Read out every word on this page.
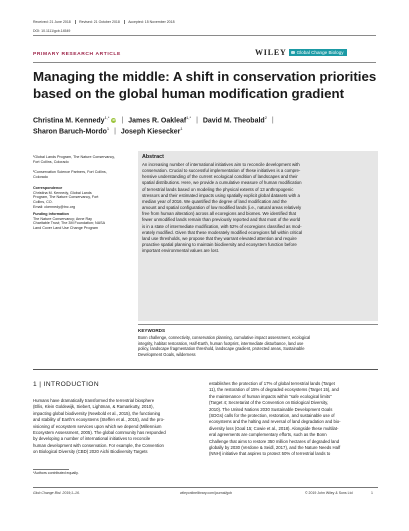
Received: 21 June 2018 Revised: 21 October 2018 Accepted: 15 November 2018
DOI: 10.1111/gcb.14549
PRIMARY RESEARCH ARTICLE	WILEY	Global Change Biology
Managing the middle: A shift in conservation priorities based on the global human modification gradient
Christina M. Kennedy$^{1,*}$iD | James R. Oakleaf$^{1,*}$ | David M. Theobald$^2$ |
Sharon Baruch-Mordo$^1$ | Joseph Kiesecker$^1$
¹Global Lands Program, The Nature Conservancy, Fort Collins, Colorado
²Conservation Science Partners, Fort Collins, Colorado
Correspondence
Christina M. Kennedy, Global Lands
Program, The Nature Conservancy, Fort
Collins, CO.
Email: ckennedy@tnc.org
Funding information
The Nature Conservancy; Anne Ray
Charitable Trust; The 3M Foundation; NASA
Land Cover Land Use Change Program
Abstract
An increasing number of international initiatives aim to reconcile development with
conservation. Crucial to successful implementation of these initiatives is a compre-
hensive understanding of the current ecological condition of landscapes and their
spatial distributions. Here, we provide a cumulative measure of human modification
of terrestrial lands based on modeling the physical extents of 13 anthropogenic
stressors and their estimated impacts using spatially explicit global datasets with a
median year of 2016. We quantified the degree of land modification and the
amount and spatial configuration of low modified lands (i.e., natural areas relatively
free from human alteration) across all ecoregions and biomes. We identified that
fewer unmodified lands remain than previously reported and that most of the world
is in a state of intermediate modification, with 52% of ecoregions classified as mod-
erately modified. Given that these moderately modified ecoregions fall within critical
land use thresholds, we propose that they warrant elevated attention and require
proactive spatial planning to maintain biodiversity and ecosystem function before
important environmental values are lost.
KEYWORDS
Bonn challenge, connectivity, conservation planning, cumulative impact assessment, ecological
integrity, habitat restoration, Half-Earth, human footprint, intermediate disturbance, land use
policy, landscape fragmentation threshold, landscape gradient, protected areas, Sustainable
Development Goals, wilderness
1 | INTRODUCTION
Humans have dramatically transformed the terrestrial biosphere
(Ellis, Klein Goldewijk, Siebert, Lightman, & Ramankutty, 2010),
impacting global biodiversity (Newbold et al., 2015), the functioning
and stability of Earth's ecosystems (Steffen et al., 2015), and the pro-
visioning of ecosystem services upon which we depend (Millennium
Ecosystem Assessment, 2005). The global community has responded
by developing a number of international initiatives to reconcile
human development with conservation. For example, the Convention
on Biological Diversity (CBD) 2020 Aichi Biodiversity Targets
establishes the protection of 17% of global terrestrial lands (Target
11), the restoration of 15% of degraded ecosystems (Target 15), and
the maintenance of human impacts within "safe ecological limits"
(Target 4; Secretariat of the Convention on Biological Diversity,
2010). The United Nations 2030 Sustainable Development Goals
(SDGs) calls for the protection, restoration, and sustainable use of
ecosystems and the halting and reversal of land degradation and bio-
diversity loss (Goal 15; Cowie et al., 2018). Alongside these multilat-
eral agreements are complementary efforts, such as the Bonn
Challenge that aims to restore 350 million hectares of degraded land
globally by 2030 (Verdone & Seidl, 2017), and the Nature Needs Half
(NNH) initiative that aspires to protect 50% of terrestrial lands to
*Authors contributed equally.
Glob Change Biol. 2019;1–16.	wileyonlinelibrary.com/journal/gcb	© 2019 John Wiley & Sons Ltd	1
